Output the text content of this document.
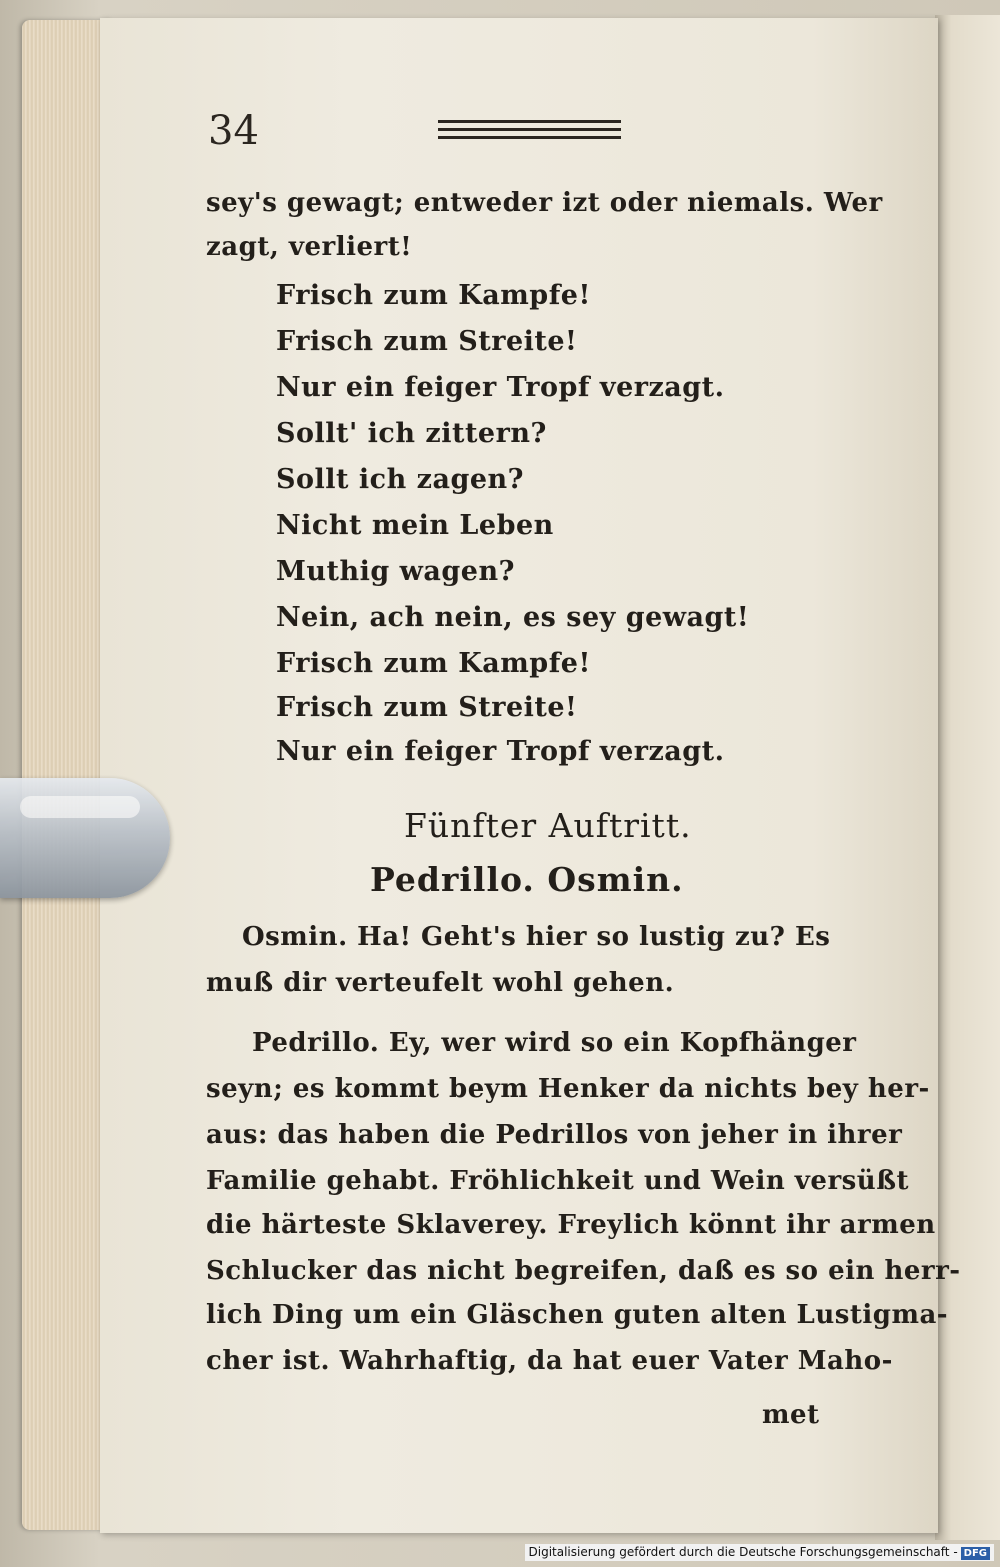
34
sey's gewagt; entweder izt oder niemals. Wer
zagt, verliert!
Frisch zum Kampfe!
Frisch zum Streite!
Nur ein feiger Tropf verzagt.
Sollt' ich zittern?
Sollt ich zagen?
Nicht mein Leben
Muthig wagen?
Nein, ach nein, es sey gewagt!
Frisch zum Kampfe!
Frisch zum Streite!
Nur ein feiger Tropf verzagt.
Fünfter Auftritt.
Pedrillo. Osmin.
Osmin. Ha! Geht's hier so lustig zu? Es
muß dir verteufelt wohl gehen.
Pedrillo. Ey, wer wird so ein Kopfhänger
seyn; es kommt beym Henker da nichts bey her-
aus: das haben die Pedrillos von jeher in ihrer
Familie gehabt. Fröhlichkeit und Wein versüßt
die härteste Sklaverey. Freylich könnt ihr armen
Schlucker das nicht begreifen, daß es so ein herr-
lich Ding um ein Gläschen guten alten Lustigma-
cher ist. Wahrhaftig, da hat euer Vater Maho-
met
Digitalisierung gefördert durch die Deutsche Forschungsgemeinschaft - DFG
